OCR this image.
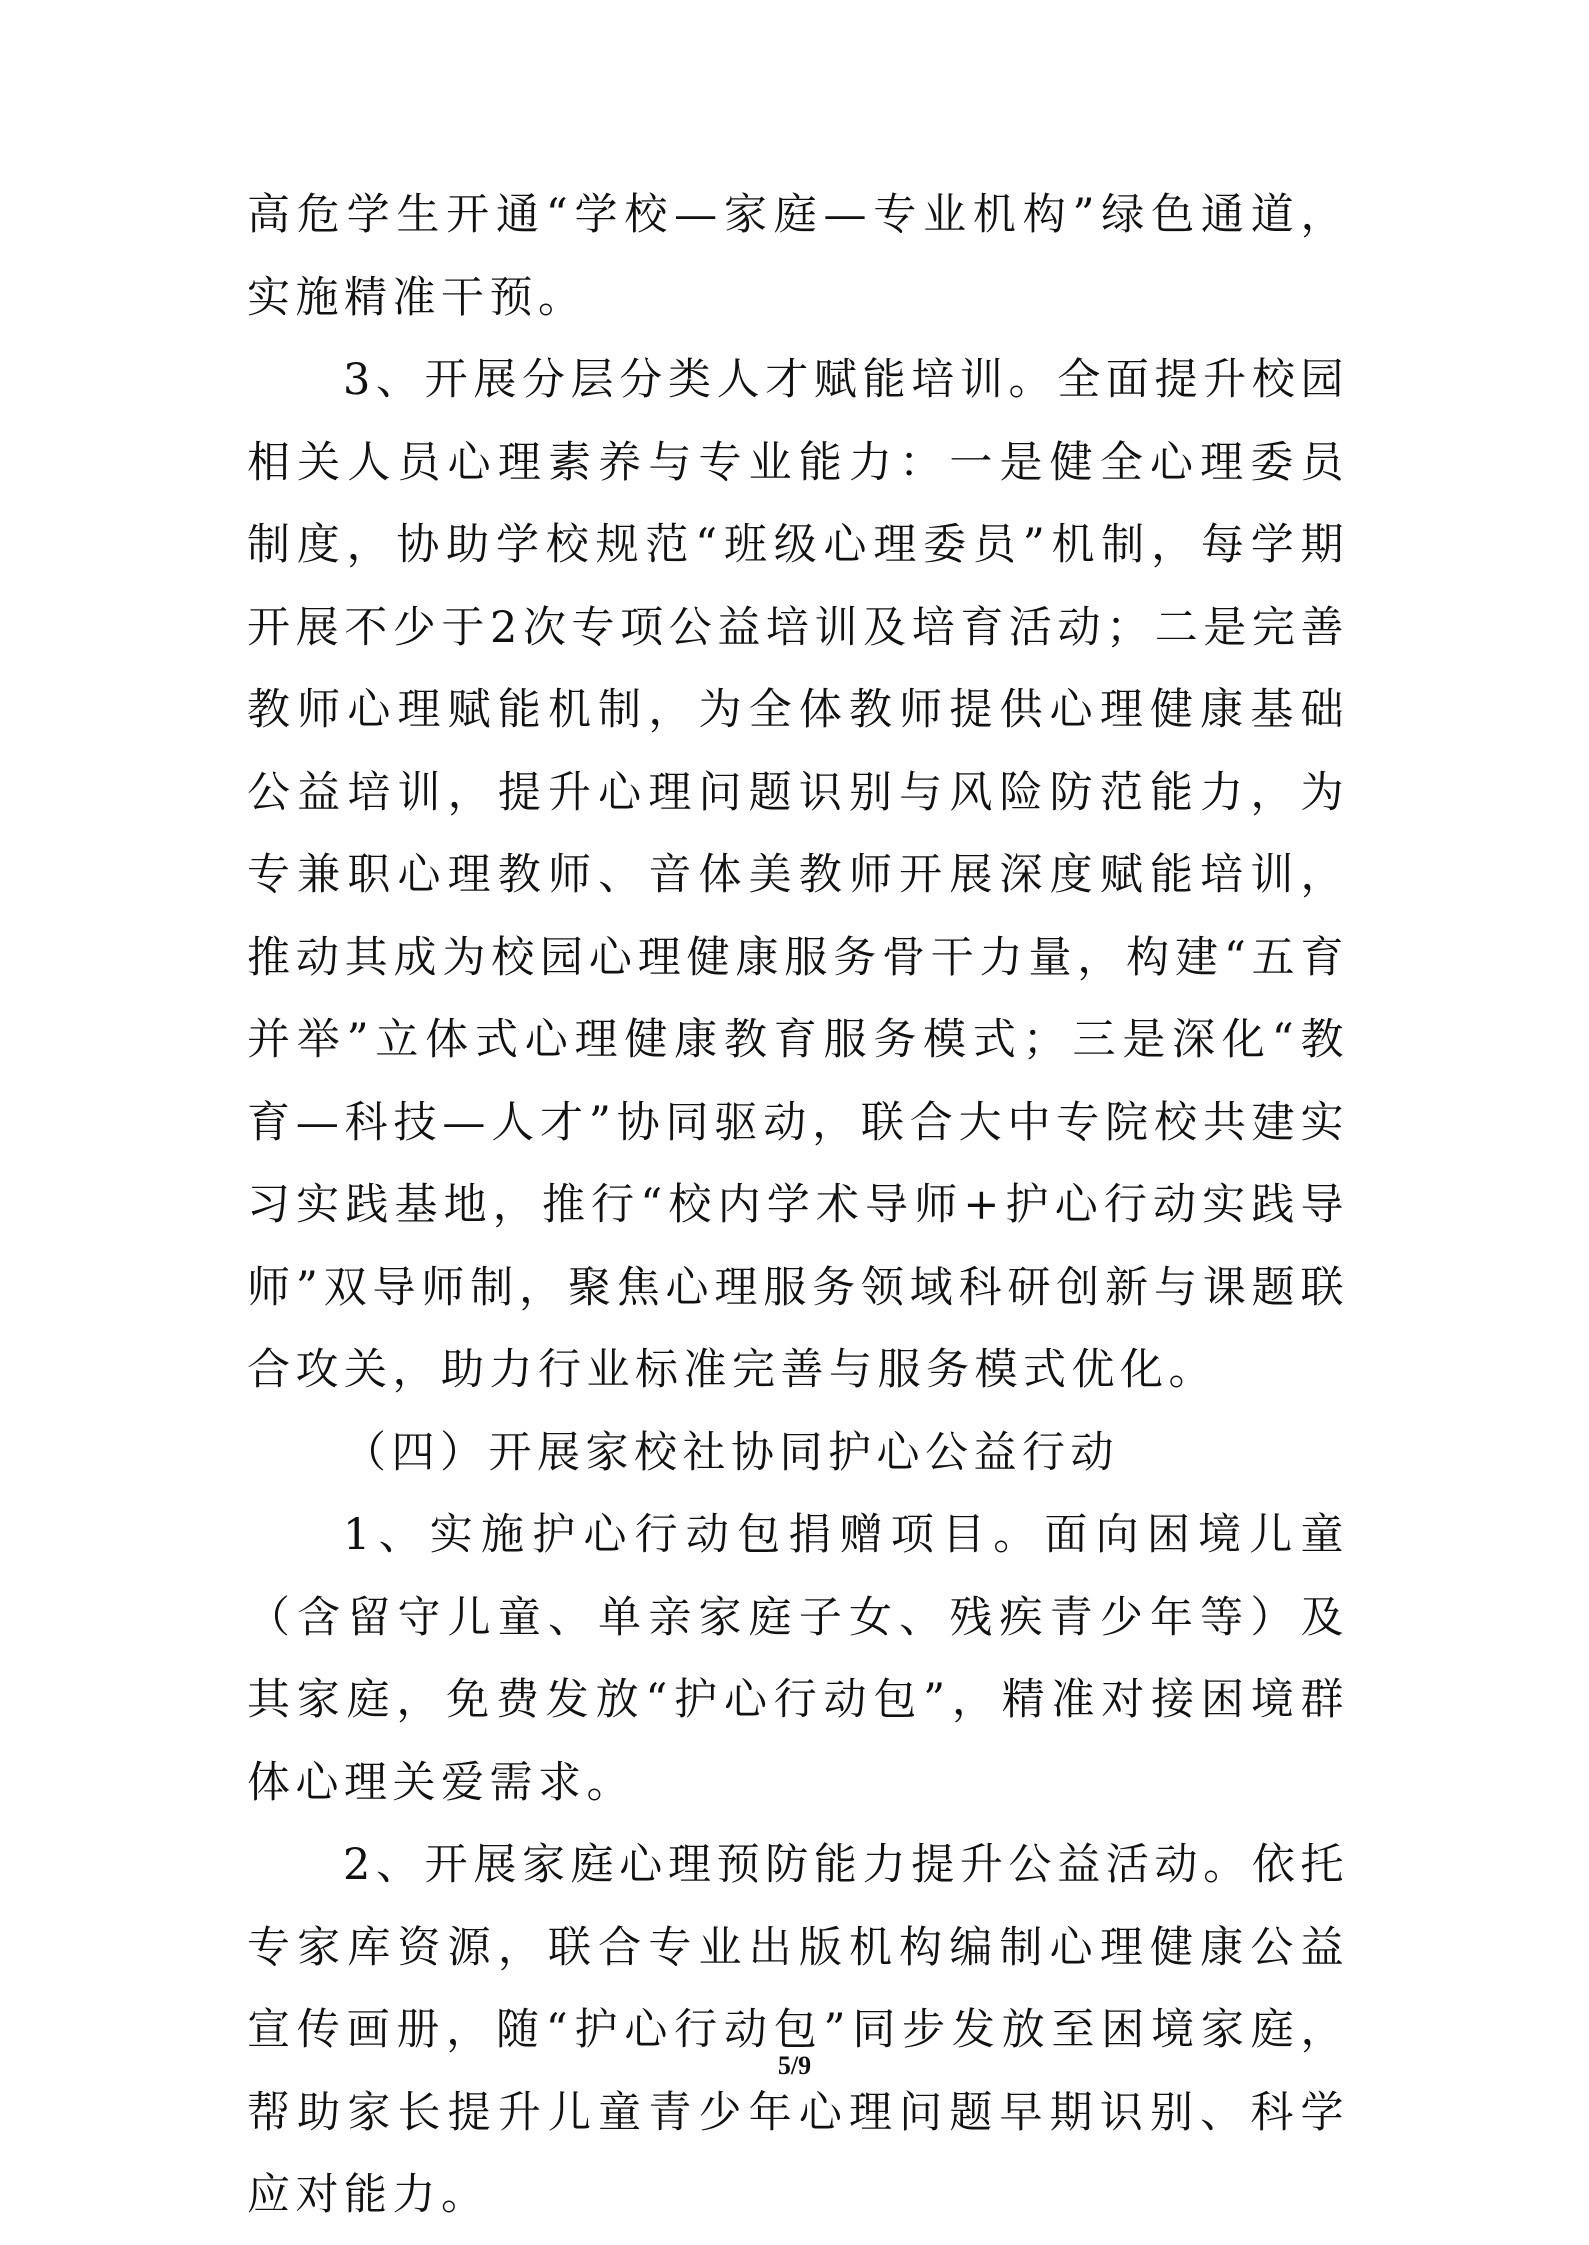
高危学生开通“学校—家庭—专业机构”绿色通道，实施精准干预。

3、开展分层分类人才赋能培训。全面提升校园相关人员心理素养与专业能力：一是健全心理委员制度，协助学校规范“班级心理委员”机制，每学期开展不少于2次专项公益培训及培育活动；二是完善教师心理赋能机制，为全体教师提供心理健康基础公益培训，提升心理问题识别与风险防范能力，为专兼职心理教师、音体美教师开展深度赋能培训，推动其成为校园心理健康服务骨干力量，构建“五育并举”立体式心理健康教育服务模式；三是深化“教育—科技—人才”协同驱动，联合大中专院校共建实习实践基地，推行“校内学术导师+护心行动实践导师”双导师制，聚焦心理服务领域科研创新与课题联合攻关，助力行业标准完善与服务模式优化。

（四）开展家校社协同护心公益行动

1、实施护心行动包捐赠项目。面向困境儿童（含留守儿童、单亲家庭子女、残疾青少年等）及其家庭，免费发放“护心行动包”，精准对接困境群体心理关爱需求。

2、开展家庭心理预防能力提升公益活动。依托专家库资源，联合专业出版机构编制心理健康公益宣传画册，随“护心行动包”同步发放至困境家庭，帮助家长提升儿童青少年心理问题早期识别、科学应对能力。

5/9
